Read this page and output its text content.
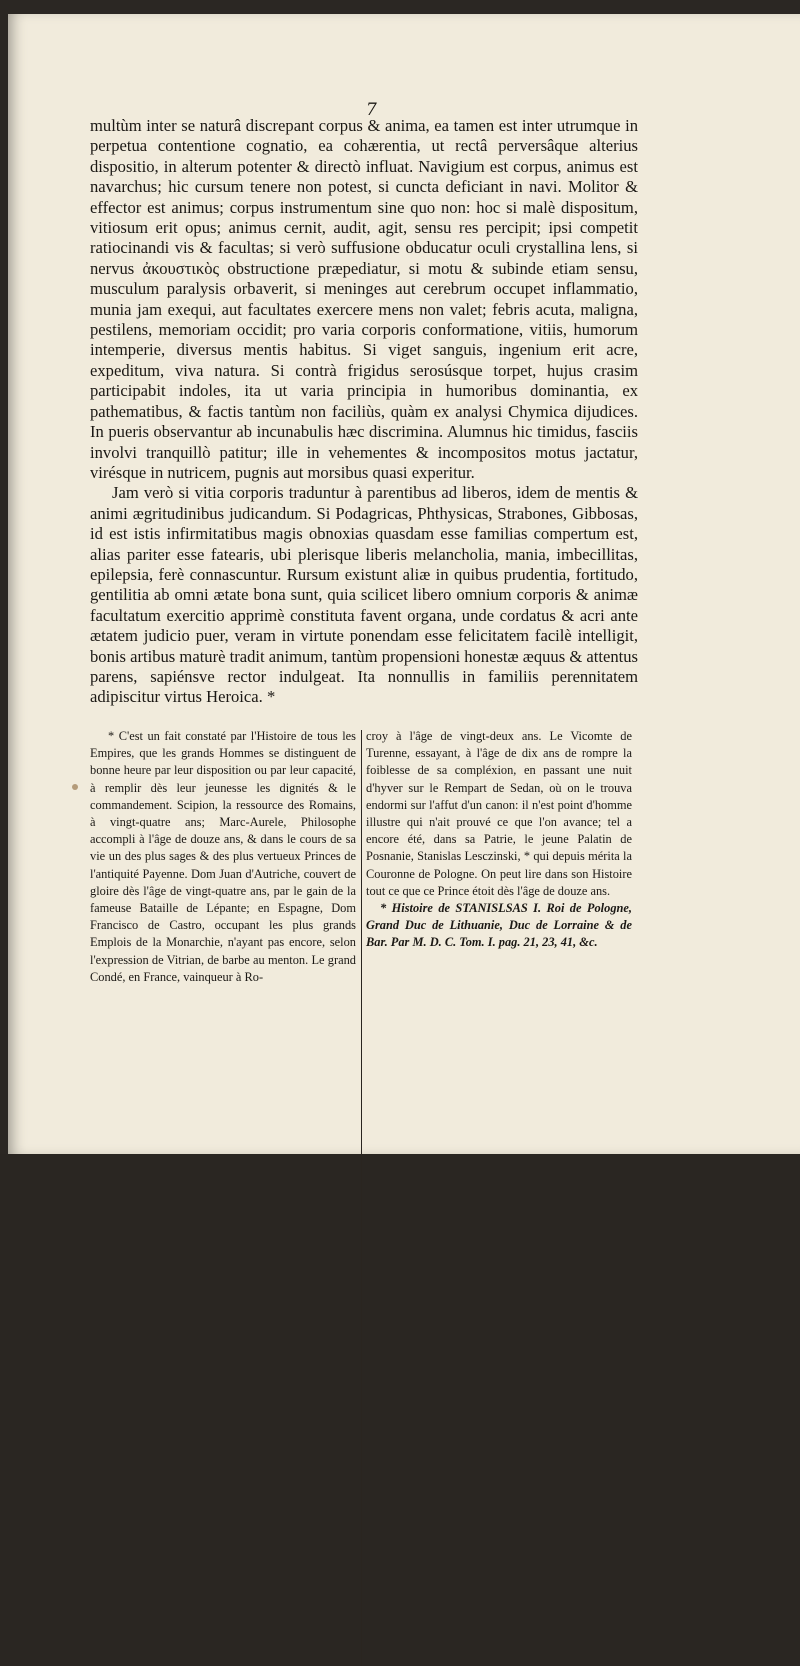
7

multùm inter se naturâ discrepant corpus & anima, ea tamen est inter utrumque in perpetua contentione cognatio, ea cohærentia, ut rectâ perversâque alterius dispositio, in alterum potenter & directò influat. Navigium est corpus, animus est navarchus; hic cursum tenere non potest, si cuncta deficiant in navi. Molitor & effector est animus; corpus instrumentum sine quo non: hoc si malè dispositum, vitiosum erit opus; animus cernit, audit, agit, sensu res percipit; ipsi competit ratiocinandi vis & facultas; si verò suffusione obducatur oculi crystallina lens, si nervus ἀκουστικὸς obstructione præpediatur, si motu & subinde etiam sensu, musculum paralysis orbaverit, si meninges aut cerebrum occupet inflammatio, munia jam exequi, aut facultates exercere mens non valet; febris acuta, maligna, pestilens, memoriam occidit; pro varia corporis conformatione, vitiis, humorum intemperie, diversus mentis habitus. Si viget sanguis, ingenium erit acre, expeditum, viva natura. Si contrà frigidus serosúsque torpet, hujus crasim participabit indoles, ita ut varia principia in humoribus dominantia, ex pathematibus, & factis tantùm non faciliùs, quàm ex analysi Chymica dijudices. In pueris observantur ab incunabulis hæc discrimina. Alumnus hic timidus, fasciis involvi tranquillò patitur; ille in vehementes & incompositos motus jactatur, virésque in nutricem, pugnis aut morsibus quasi experitur.

Jam verò si vitia corporis traduntur à parentibus ad liberos, idem de mentis & animi ægritudinibus judicandum. Si Podagricas, Phthysicas, Strabones, Gibbosas, id est istis infirmitatibus magis obnoxias quasdam esse familias compertum est, alias pariter esse fatearis, ubi plerisque liberis melancholia, mania, imbecillitas, epilepsia, ferè connascuntur. Rursum existunt aliæ in quibus prudentia, fortitudo, gentilitia ab omni ætate bona sunt, quia scilicet libero omnium corporis & animæ facultatum exercitio apprimè constituta favent organa, unde cordatus & acri ante ætatem judicio puer, veram in virtute ponendam esse felicitatem facilè intelligit, bonis artibus maturè tradit animum, tantùm propensioni honestæ æquus & attentus parens, sapiénsve rector indulgeat. Ita nonnullis in familiis perennitatem adipiscitur virtus Heroica. *

* C'est un fait constaté par l'Histoire de tous les Empires, que les grands Hommes se distinguent de bonne heure par leur disposition ou par leur capacité, à remplir dès leur jeunesse les dignités & le commandement. Scipion, la ressource des Romains, à vingt-quatre ans; Marc-Aurele, Philosophe accompli à l'âge de douze ans, & dans le cours de sa vie un des plus sages & des plus vertueux Princes de l'antiquité Payenne. Dom Juan d'Autriche, couvert de gloire dès l'âge de vingt-quatre ans, par le gain de la fameuse Bataille de Lépante; en Espagne, Dom Francisco de Castro, occupant les plus grands Emplois de la Monarchie, n'ayant pas encore, selon l'expression de Vitrian, de barbe au menton. Le grand Condé, en France, vainqueur à Ro-

croy à l'âge de vingt-deux ans. Le Vicomte de Turenne, essayant, à l'âge de dix ans de rompre la foiblesse de sa compléxion, en passant une nuit d'hyver sur le Rempart de Sedan, où on le trouva endormi sur l'affut d'un canon: il n'est point d'homme illustre qui n'ait prouvé ce que l'on avance; tel a encore été, dans sa Patrie, le jeune Palatin de Posnanie, Stanislas Lesczinski, * qui depuis mérita la Couronne de Pologne. On peut lire dans son Histoire tout ce que ce Prince étoit dès l'âge de douze ans.

* Histoire de STANISLSAS I. Roi de Pologne, Grand Duc de Lithuanie, Duc de Lorraine & de Bar. Par M. D. C. Tom. I. pag. 21, 23, 41, &c.
